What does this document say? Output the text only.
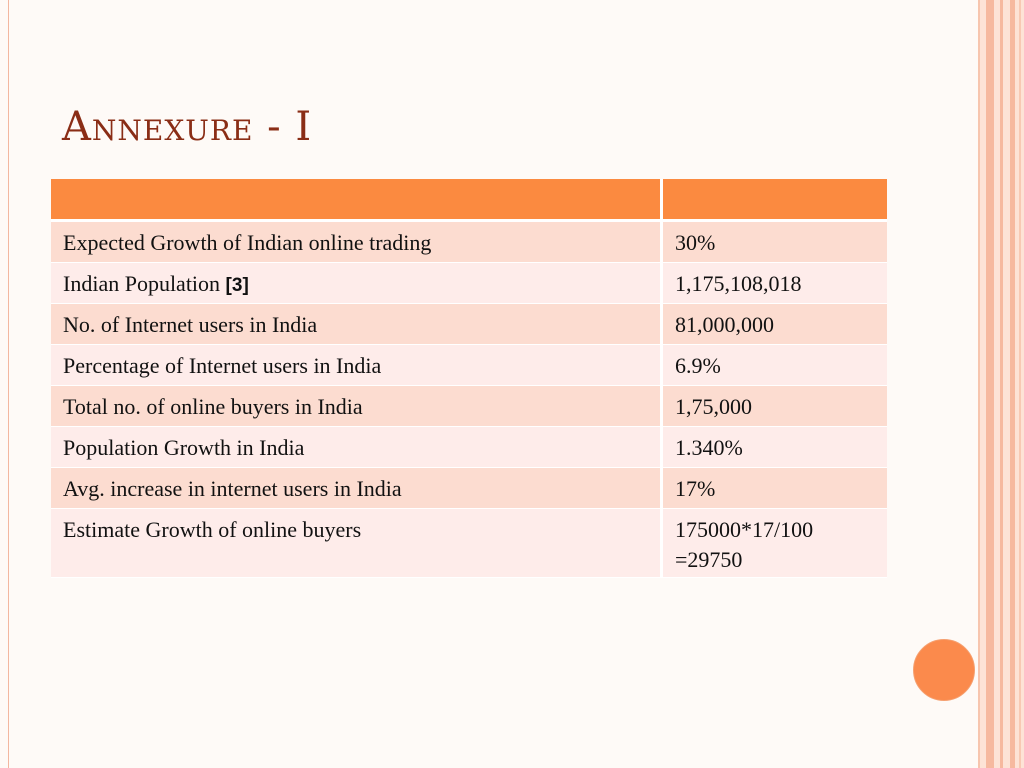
Annexure - I

Expected Growth of Indian online trading	30%
Indian Population [3]	1,175,108,018
No. of Internet users in India	81,000,000
Percentage of Internet users in India	6.9%
Total no. of online buyers in India	1,75,000
Population Growth in India	1.340%
Avg. increase in internet users in India	17%
Estimate Growth of online buyers	175000*17/100
=29750
